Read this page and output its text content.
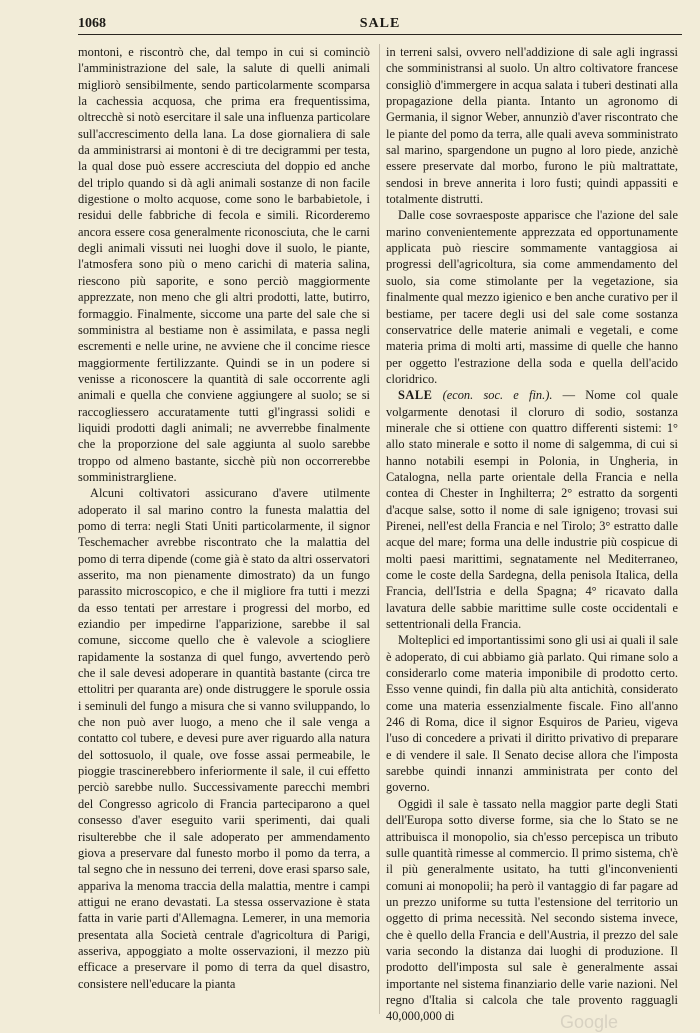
1068	SALE

montoni, e riscontrò che, dal tempo in cui si cominciò l'amministrazione del sale, la salute di quelli animali migliorò sensibilmente, sendo particolarmente scomparsa la cachessia acquosa, che prima era frequentissima, oltrecchè si notò esercitare il sale una influenza particolare sull'accrescimento della lana. La dose giornaliera di sale da amministrarsi ai montoni è di tre decigrammi per testa, la qual dose può essere accresciuta del doppio ed anche del triplo quando si dà agli animali sostanze di non facile digestione o molto acquose, come sono le barbabietole, i residui delle fabbriche di fecola e simili. Ricorderemo ancora essere cosa generalmente riconosciuta, che le carni degli animali vissuti nei luoghi dove il suolo, le piante, l'atmosfera sono più o meno carichi di materia salina, riescono più saporite, e sono perciò maggiormente apprezzate, non meno che gli altri prodotti, latte, butirro, formaggio. Finalmente, siccome una parte del sale che si somministra al bestiame non è assimilata, e passa negli escrementi e nelle urine, ne avviene che il concime riesce maggiormente fertilizzante. Quindi se in un podere si venisse a riconoscere la quantità di sale occorrente agli animali e quella che conviene aggiungere al suolo; se si raccogliessero accuratamente tutti gl'ingrassi solidi e liquidi prodotti dagli animali; ne avverrebbe finalmente che la proporzione del sale aggiunta al suolo sarebbe troppo od almeno bastante, sicchè più non occorrerebbe somministrargliene.

Alcuni coltivatori assicurano d'avere utilmente adoperato il sal marino contro la funesta malattia del pomo di terra: negli Stati Uniti particolarmente, il signor Teschemacher avrebbe riscontrato che la malattia del pomo di terra dipende (come già è stato da altri osservatori asserito, ma non pienamente dimostrato) da un fungo parassito microscopico, e che il migliore fra tutti i mezzi da esso tentati per arrestare i progressi del morbo, ed eziandio per impedirne l'apparizione, sarebbe il sal comune, siccome quello che è valevole a sciogliere rapidamente la sostanza di quel fungo, avvertendo però che il sale devesi adoperare in quantità bastante (circa tre ettolitri per quaranta are) onde distruggere le sporule ossia i seminuli del fungo a misura che si vanno sviluppando, lo che non può aver luogo, a meno che il sale venga a contatto col tubere, e devesi pure aver riguardo alla natura del sottosuolo, il quale, ove fosse assai permeabile, le pioggie trascinerebbero inferiormente il sale, il cui effetto perciò sarebbe nullo. Successivamente parecchi membri del Congresso agricolo di Francia parteciparono a quel consesso d'aver eseguito varii sperimenti, dai quali risulterebbe che il sale adoperato per ammendamento giova a preservare dal funesto morbo il pomo da terra, a tal segno che in nessuno dei terreni, dove erasi sparso sale, appariva la menoma traccia della malattia, mentre i campi attigui ne erano devastati. La stessa osservazione è stata fatta in varie parti d'Allemagna. Lemerer, in una memoria presentata alla Società centrale d'agricoltura di Parigi, asseriva, appoggiato a molte osservazioni, il mezzo più efficace a preservare il pomo di terra da quel disastro, consistere nell'educare la pianta

in terreni salsi, ovvero nell'addizione di sale agli ingrassi che somministransi al suolo. Un altro coltivatore francese consigliò d'immergere in acqua salata i tuberi destinati alla propagazione della pianta. Intanto un agronomo di Germania, il signor Weber, annunziò d'aver riscontrato che le piante del pomo da terra, alle quali aveva somministrato sal marino, spargendone un pugno al loro piede, anzichè essere preservate dal morbo, furono le più maltrattate, sendosi in breve annerita i loro fusti; quindi appassiti e totalmente distrutti.

Dalle cose sovraesposte apparisce che l'azione del sale marino convenientemente apprezzata ed opportunamente applicata può riescire sommamente vantaggiosa ai progressi dell'agricoltura, sia come ammendamento del suolo, sia come stimolante per la vegetazione, sia finalmente qual mezzo igienico e ben anche curativo per il bestiame, per tacere degli usi del sale come sostanza conservatrice delle materie animali e vegetali, e come materia prima di molti arti, massime di quelle che hanno per oggetto l'estrazione della soda e quella dell'acido cloridrico.

SALE (econ. soc. e fin.). — Nome col quale volgarmente denotasi il cloruro di sodio, sostanza minerale che si ottiene con quattro differenti sistemi: 1° allo stato minerale e sotto il nome di salgemma, di cui si hanno notabili esempi in Polonia, in Ungheria, in Catalogna, nella parte orientale della Francia e nella contea di Chester in Inghilterra; 2° estratto da sorgenti d'acque salse, sotto il nome di sale ignigeno; trovasi sui Pirenei, nell'est della Francia e nel Tirolo; 3° estratto dalle acque del mare; forma una delle industrie più cospicue di molti paesi marittimi, segnatamente nel Mediterraneo, come le coste della Sardegna, della penisola Italica, della Francia, dell'Istria e della Spagna; 4° ricavato dalla lavatura delle sabbie marittime sulle coste occidentali e settentrionali della Francia.

Molteplici ed importantissimi sono gli usi ai quali il sale è adoperato, di cui abbiamo già parlato. Qui rimane solo a considerarlo come materia imponibile di prodotto certo. Esso venne quindi, fin dalla più alta antichità, considerato come una materia essenzialmente fiscale. Fino all'anno 246 di Roma, dice il signor Esquiros de Parieu, vigeva l'uso di concedere a privati il diritto privativo di preparare e di vendere il sale. Il Senato decise allora che l'imposta sarebbe quindi innanzi amministrata per conto del governo.

Oggidì il sale è tassato nella maggior parte degli Stati dell'Europa sotto diverse forme, sia che lo Stato se ne attribuisca il monopolio, sia ch'esso percepisca un tributo sulle quantità rimesse al commercio. Il primo sistema, ch'è il più generalmente usitato, ha tutti gl'inconvenienti comuni ai monopolii; ha però il vantaggio di far pagare ad un prezzo uniforme su tutta l'estensione del territorio un oggetto di prima necessità. Nel secondo sistema invece, che è quello della Francia e dell'Austria, il prezzo del sale varia secondo la distanza dai luoghi di produzione. Il prodotto dell'imposta sul sale è generalmente assai importante nel sistema finanziario delle varie nazioni. Nel regno d'Italia si calcola che tale provento ragguagli 40,000,000 di	Google
